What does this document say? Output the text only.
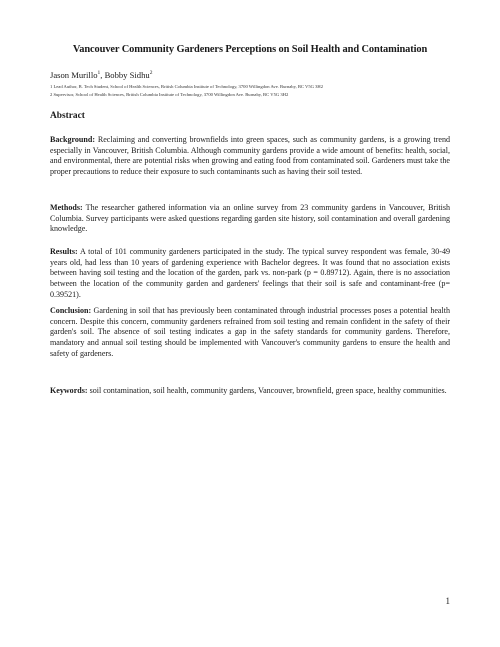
Vancouver Community Gardeners Perceptions on Soil Health and Contamination
Jason Murillo$^1$, Bobby Sidhu$^2$
1 Lead Author, B. Tech Student, School of Health Sciences, British Columbia Institute of Technology, 3700 Willingdon Ave. Burnaby, BC V5G 3H2
2 Supervisor, School of Health Sciences, British Columbia Institute of Technology, 3700 Willingdon Ave. Burnaby, BC V5G 3H2
Abstract

Background: Reclaiming and converting brownfields into green spaces, such as community gardens, is a growing trend especially in Vancouver, British Columbia. Although community gardens provide a wide amount of benefits: health, social, and environmental, there are potential risks when growing and eating food from contaminated soil. Gardeners must take the proper precautions to reduce their exposure to such contaminants such as having their soil tested.

Methods: The researcher gathered information via an online survey from 23 community gardens in Vancouver, British Columbia. Survey participants were asked questions regarding garden site history, soil contamination and overall gardening knowledge.

Results: A total of 101 community gardeners participated in the study. The typical survey respondent was female, 30-49 years old, had less than 10 years of gardening experience with Bachelor degrees. It was found that no association exists between having soil testing and the location of the garden, park vs. non-park (p = 0.89712). Again, there is no association between the location of the community garden and gardeners' feelings that their soil is safe and contaminant-free (p= 0.39521).

Conclusion: Gardening in soil that has previously been contaminated through industrial processes poses a potential health concern. Despite this concern, community gardeners refrained from soil testing and remain confident in the safety of their garden's soil. The absence of soil testing indicates a gap in the safety standards for community gardens. Therefore, mandatory and annual soil testing should be implemented with Vancouver's community gardens to ensure the health and safety of gardeners.

Keywords: soil contamination, soil health, community gardens, Vancouver, brownfield, green space, healthy communities.

1
